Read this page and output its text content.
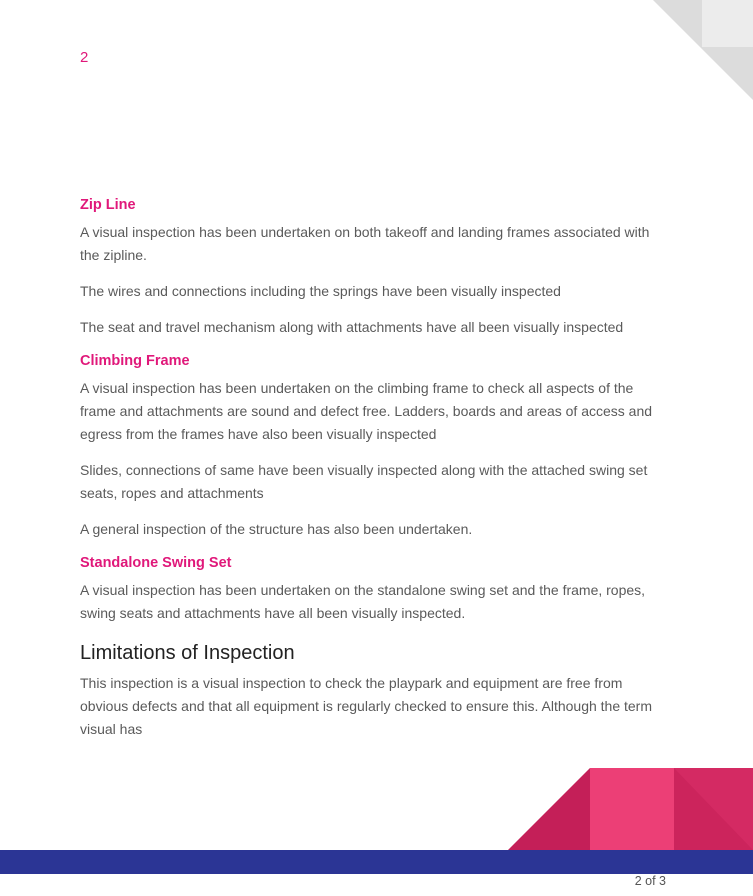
2
Zip Line

A visual inspection has been undertaken on both takeoff and landing frames associated with the zipline.

The wires and connections including the springs have been visually inspected

The seat and travel mechanism along with attachments have all been visually inspected

Climbing Frame

A visual inspection has been undertaken on the climbing frame to check all aspects of the frame and attachments are sound and defect free. Ladders, boards and areas of access and egress from the frames have also been visually inspected

Slides, connections of same have been visually inspected along with the attached swing set seats, ropes and attachments

A general inspection of the structure has also been undertaken.

Standalone Swing Set

A visual inspection has been undertaken on the standalone swing set and the frame, ropes, swing seats and attachments have all been visually inspected.

Limitations of Inspection

This inspection is a visual inspection to check the playpark and equipment are free from obvious defects and that all equipment is regularly checked to ensure this. Although the term visual has

2 of 3
